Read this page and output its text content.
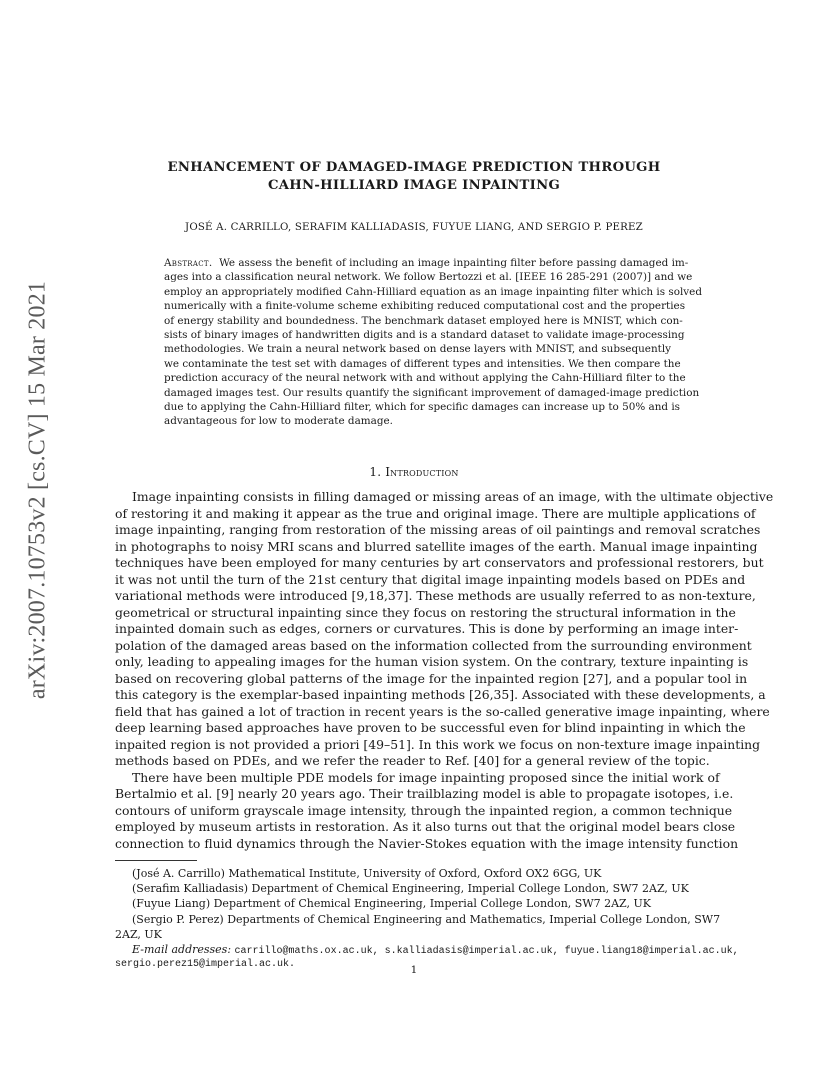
arXiv:2007.10753v2 [cs.CV] 15 Mar 2021
ENHANCEMENT OF DAMAGED-IMAGE PREDICTION THROUGH
CAHN-HILLIARD IMAGE INPAINTING
JOSÉ A. CARRILLO, SERAFIM KALLIADASIS, FUYUE LIANG, AND SERGIO P. PEREZ
Abstract. We assess the benefit of including an image inpainting filter before passing damaged im-
ages into a classification neural network. We follow Bertozzi et al. [IEEE 16 285-291 (2007)] and we
employ an appropriately modified Cahn-Hilliard equation as an image inpainting filter which is solved
numerically with a finite-volume scheme exhibiting reduced computational cost and the properties
of energy stability and boundedness. The benchmark dataset employed here is MNIST, which con-
sists of binary images of handwritten digits and is a standard dataset to validate image-processing
methodologies. We train a neural network based on dense layers with MNIST, and subsequently
we contaminate the test set with damages of different types and intensities. We then compare the
prediction accuracy of the neural network with and without applying the Cahn-Hilliard filter to the
damaged images test. Our results quantify the significant improvement of damaged-image prediction
due to applying the Cahn-Hilliard filter, which for specific damages can increase up to 50% and is
advantageous for low to moderate damage.
1. Introduction
Image inpainting consists in filling damaged or missing areas of an image, with the ultimate objective
of restoring it and making it appear as the true and original image. There are multiple applications of
image inpainting, ranging from restoration of the missing areas of oil paintings and removal scratches
in photographs to noisy MRI scans and blurred satellite images of the earth. Manual image inpainting
techniques have been employed for many centuries by art conservators and professional restorers, but
it was not until the turn of the 21st century that digital image inpainting models based on PDEs and
variational methods were introduced [9,18,37]. These methods are usually referred to as non-texture,
geometrical or structural inpainting since they focus on restoring the structural information in the
inpainted domain such as edges, corners or curvatures. This is done by performing an image inter-
polation of the damaged areas based on the information collected from the surrounding environment
only, leading to appealing images for the human vision system. On the contrary, texture inpainting is
based on recovering global patterns of the image for the inpainted region [27], and a popular tool in
this category is the exemplar-based inpainting methods [26,35]. Associated with these developments, a
field that has gained a lot of traction in recent years is the so-called generative image inpainting, where
deep learning based approaches have proven to be successful even for blind inpainting in which the
inpaited region is not provided a priori [49–51]. In this work we focus on non-texture image inpainting
methods based on PDEs, and we refer the reader to Ref. [40] for a general review of the topic.
There have been multiple PDE models for image inpainting proposed since the initial work of
Bertalmio et al. [9] nearly 20 years ago. Their trailblazing model is able to propagate isotopes, i.e.
contours of uniform grayscale image intensity, through the inpainted region, a common technique
employed by museum artists in restoration. As it also turns out that the original model bears close
connection to fluid dynamics through the Navier-Stokes equation with the image intensity function
(José A. Carrillo) Mathematical Institute, University of Oxford, Oxford OX2 6GG, UK
(Serafim Kalliadasis) Department of Chemical Engineering, Imperial College London, SW7 2AZ, UK
(Fuyue Liang) Department of Chemical Engineering, Imperial College London, SW7 2AZ, UK
(Sergio P. Perez) Departments of Chemical Engineering and Mathematics, Imperial College London, SW7
2AZ, UK
E-mail addresses: carrillo@maths.ox.ac.uk, s.kalliadasis@imperial.ac.uk, fuyue.liang18@imperial.ac.uk,
sergio.perez15@imperial.ac.uk.	1
